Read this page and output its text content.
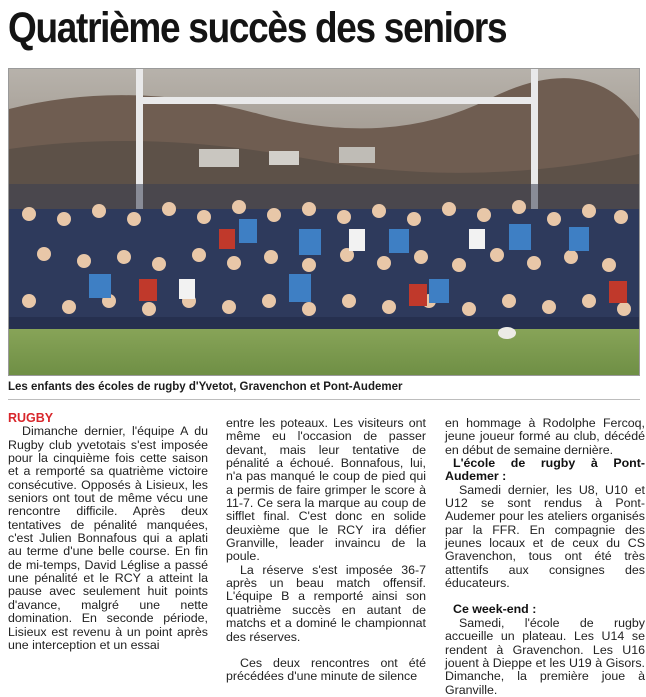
Quatrième succès des seniors
Les enfants des écoles de rugby d'Yvetot, Gravenchon et Pont-Audemer

RUGBY

Dimanche dernier, l'équipe A du Rugby club yvetotais s'est imposée pour la cinquième fois cette saison et a remporté sa quatrième victoire consécutive. Opposés à Lisieux, les seniors ont tout de même vécu une rencontre difficile. Après deux tentatives de pénalité manquées, c'est Julien Bonnafous qui a aplati au terme d'une belle course. En fin de mi-temps, David Léglise a passé une pénalité et le RCY a atteint la pause avec seulement huit points d'avance, malgré une nette domination. En seconde période, Lisieux est revenu à un point après une interception et un essai

entre les poteaux. Les visiteurs ont même eu l'occasion de passer devant, mais leur tentative de pénalité a échoué. Bonnafous, lui, n'a pas manqué le coup de pied qui a permis de faire grimper le score à 11-7. Ce sera la marque au coup de sifflet final. C'est donc en solide deuxième que le RCY ira défier Granville, leader invaincu de la poule.

La réserve s'est imposée 36-7 après un beau match offensif. L'équipe B a remporté ainsi son quatrième succès en autant de matchs et a dominé le championnat des réserves.

Ces deux rencontres ont été précédées d'une minute de silence

en hommage à Rodolphe Fercoq, jeune joueur formé au club, décédé en début de semaine dernière.

L'école de rugby à Pont-Audemer :

Samedi dernier, les U8, U10 et U12 se sont rendus à Pont-Audemer pour les ateliers organisés par la FFR. En compagnie des jeunes locaux et de ceux du CS Gravenchon, tous ont été très attentifs aux consignes des éducateurs.

Ce week-end :

Samedi, l'école de rugby accueille un plateau. Les U14 se rendent à Gravenchon. Les U16 jouent à Dieppe et les U19 à Gisors. Dimanche, la première joue à Granville.
